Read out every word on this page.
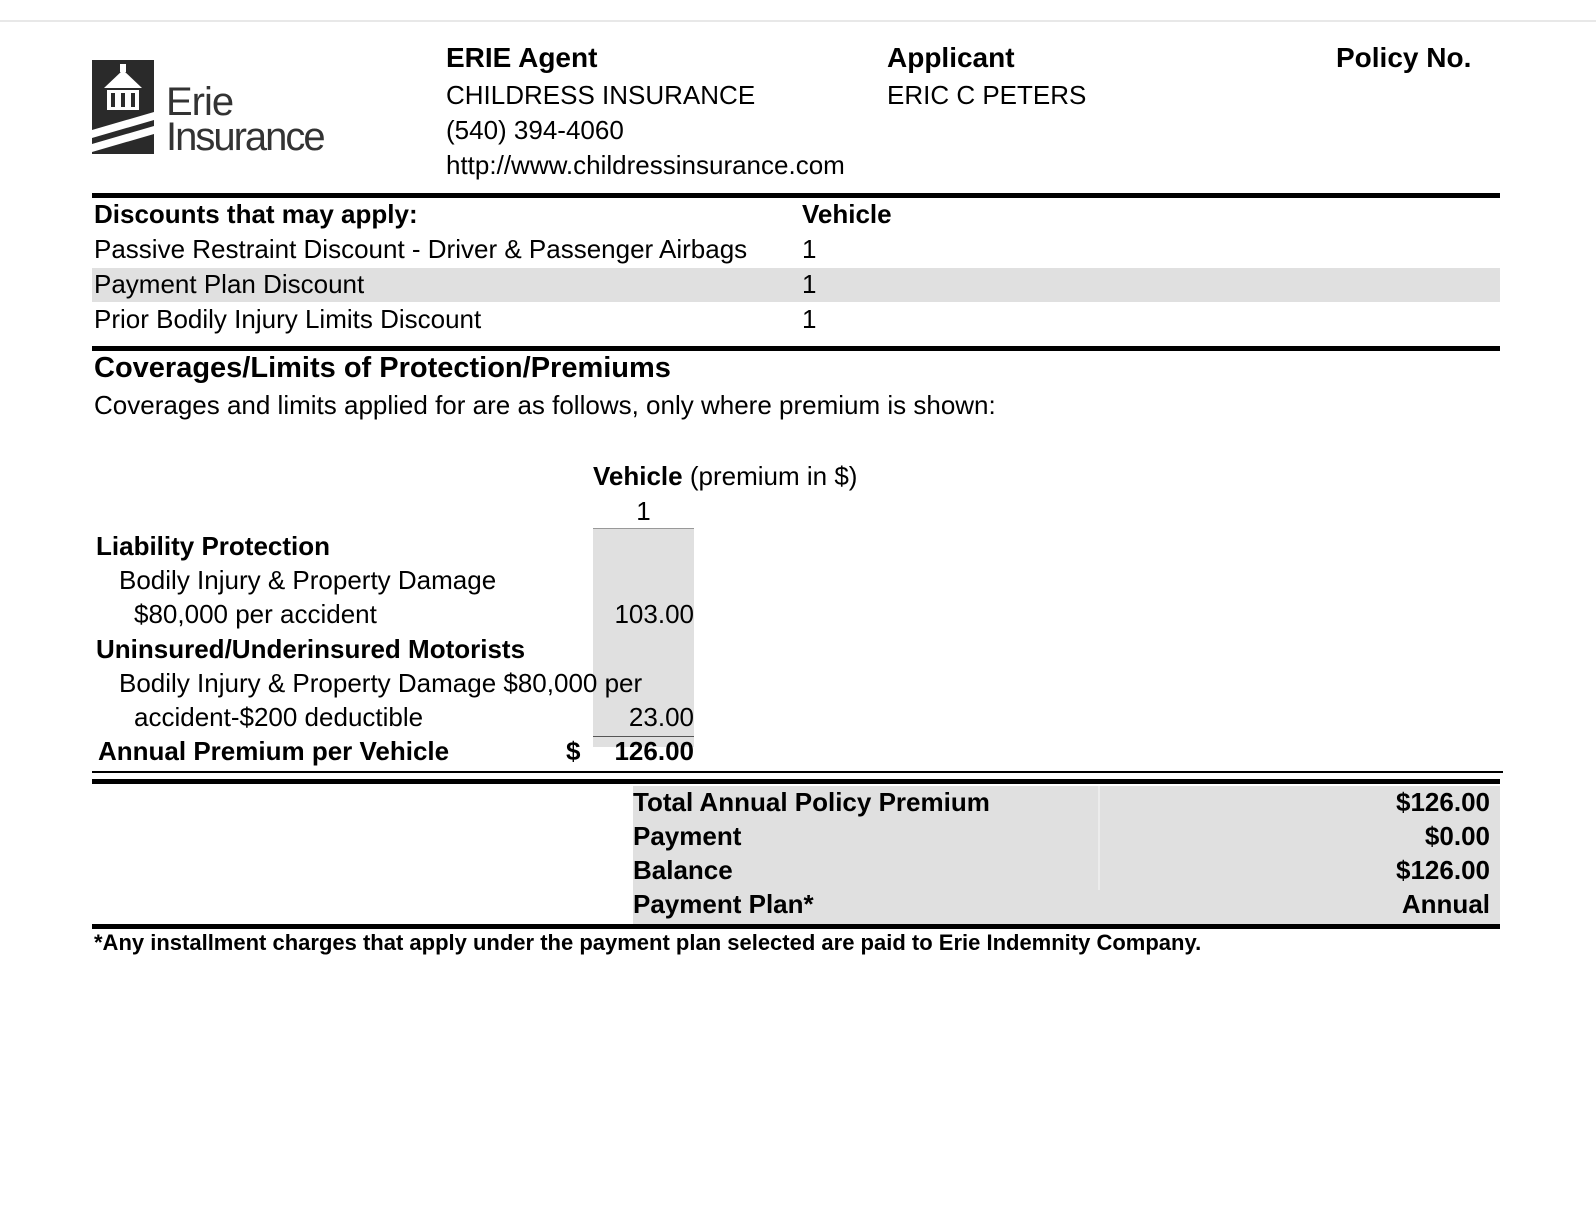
Erie
Insurance
ERIE Agent
CHILDRESS INSURANCE
(540) 394-4060
http://www.childressinsurance.com
Applicant
ERIC C PETERS
Policy No.
Discounts that may apply:	Vehicle
Passive Restraint Discount - Driver & Passenger Airbags 1
Payment Plan Discount	1
Prior Bodily Injury Limits Discount	1
Coverages/Limits of Protection/Premiums
Coverages and limits applied for are as follows, only where premium is shown:
Vehicle (premium in $)
1
Liability Protection
Bodily Injury & Property Damage
$80,000 per accident	103.00
Uninsured/Underinsured Motorists
Bodily Injury & Property Damage $80,000 per
accident-$200 deductible	23.00
Annual Premium per Vehicle	$	126.00
Total Annual Policy Premium	$126.00
Payment	$0.00
Balance	$126.00
Payment Plan*	Annual
*Any installment charges that apply under the payment plan selected are paid to Erie Indemnity Company.
